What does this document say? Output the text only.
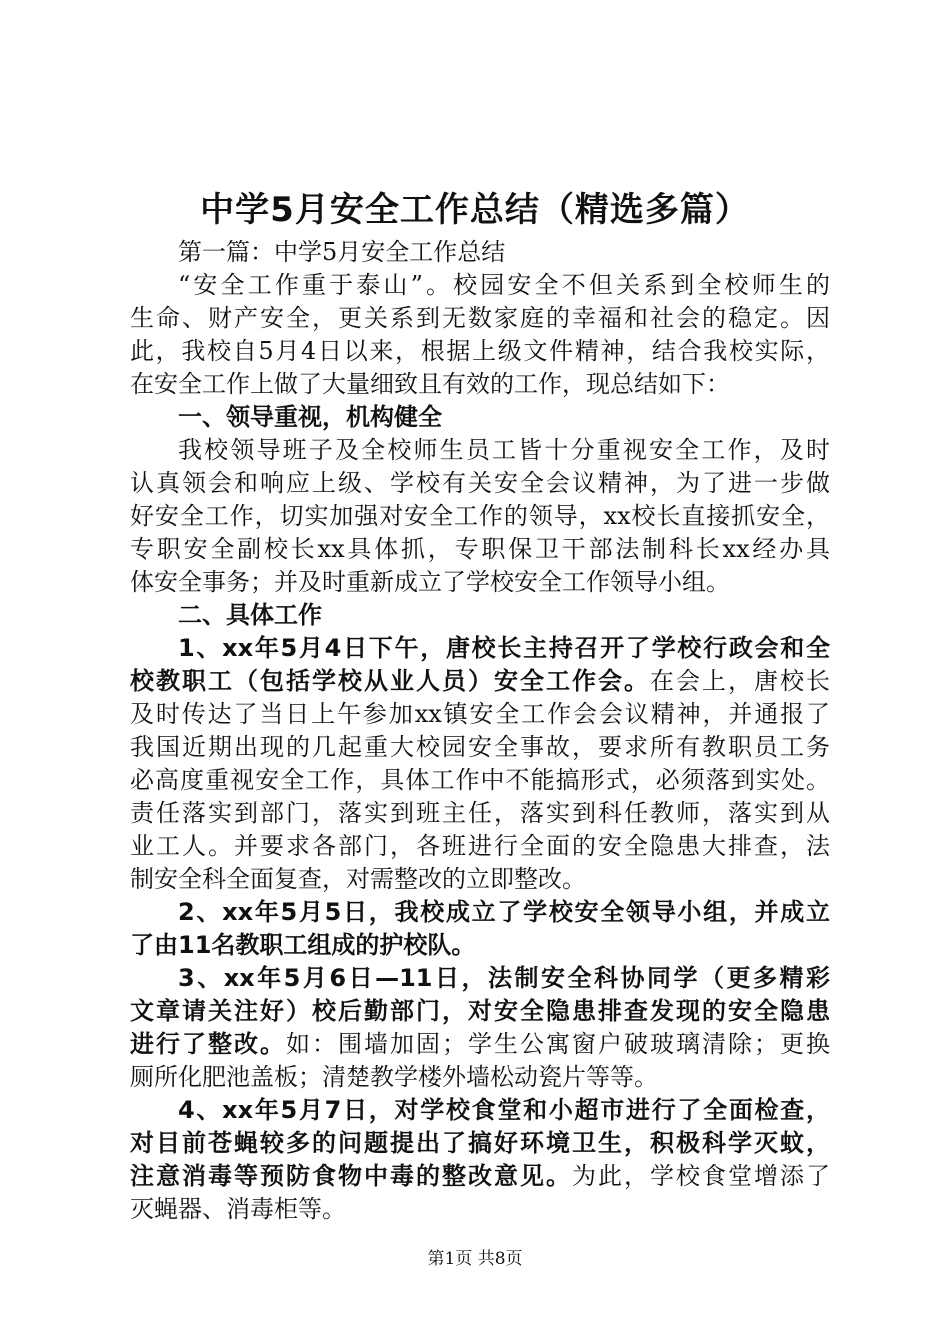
中学5月安全工作总结（精选多篇）

第一篇：中学5月安全工作总结

“安全工作重于泰山”。校园安全不但关系到全校师生的

生命、财产安全，更关系到无数家庭的幸福和社会的稳定。因

此，我校自5月4日以来，根据上级文件精神，结合我校实际，

在安全工作上做了大量细致且有效的工作，现总结如下：

一、领导重视，机构健全

我校领导班子及全校师生员工皆十分重视安全工作，及时

认真领会和响应上级、学校有关安全会议精神，为了进一步做

好安全工作，切实加强对安全工作的领导，xx校长直接抓安全，

专职安全副校长xx具体抓，专职保卫干部法制科长xx经办具

体安全事务；并及时重新成立了学校安全工作领导小组。

二、具体工作

1、xx年5月4日下午，唐校长主持召开了学校行政会和全

校教职工（包括学校从业人员）安全工作会。在会上，唐校长

及时传达了当日上午参加xx镇安全工作会会议精神，并通报了

我国近期出现的几起重大校园安全事故，要求所有教职员工务

必高度重视安全工作，具体工作中不能搞形式，必须落到实处。

责任落实到部门，落实到班主任，落实到科任教师，落实到从

业工人。并要求各部门，各班进行全面的安全隐患大排查，法

制安全科全面复查，对需整改的立即整改。

2、xx年5月5日，我校成立了学校安全领导小组，并成立

了由11名教职工组成的护校队。

3、xx年5月6日—11日，法制安全科协同学（更多精彩

文章请关注好）校后勤部门，对安全隐患排查发现的安全隐患

进行了整改。如：围墙加固；学生公寓窗户破玻璃清除；更换

厕所化肥池盖板；清楚教学楼外墙松动瓷片等等。

4、xx年5月7日，对学校食堂和小超市进行了全面检查，

对目前苍蝇较多的问题提出了搞好环境卫生，积极科学灭蚊，

注意消毒等预防食物中毒的整改意见。为此，学校食堂增添了

灭蝇器、消毒柜等。

第1页 共8页
